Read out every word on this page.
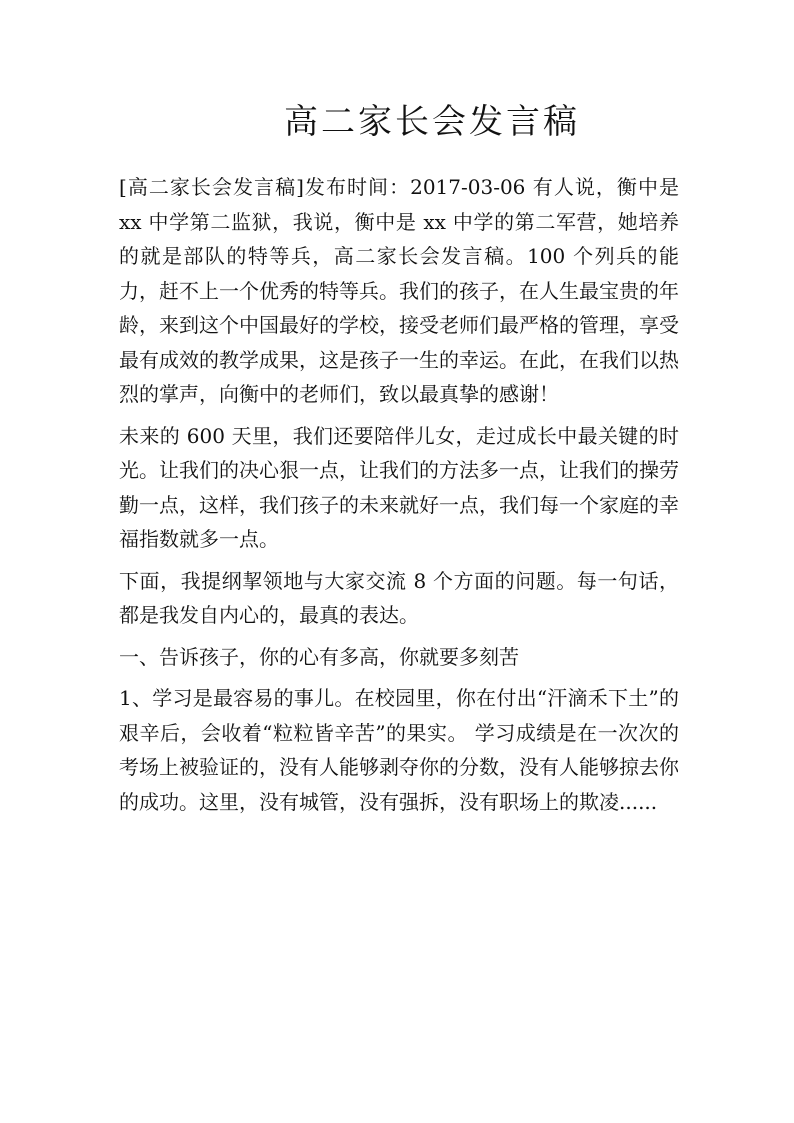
高二家长会发言稿

[高二家长会发言稿]发布时间：2017-03-06 有人说，衡中是 xx 中学第二监狱，我说，衡中是 xx 中学的第二军营，她培养的就是部队的特等兵，高二家长会发言稿。100 个列兵的能力，赶不上一个优秀的特等兵。我们的孩子，在人生最宝贵的年龄，来到这个中国最好的学校，接受老师们最严格的管理，享受最有成效的教学成果，这是孩子一生的幸运。在此，在我们以热烈的掌声，向衡中的老师们，致以最真挚的感谢！

未来的 600 天里，我们还要陪伴儿女，走过成长中最关键的时光。让我们的决心狠一点，让我们的方法多一点，让我们的操劳勤一点，这样，我们孩子的未来就好一点，我们每一个家庭的幸福指数就多一点。

下面，我提纲挈领地与大家交流 8 个方面的问题。每一句话，都是我发自内心的，最真的表达。

一、告诉孩子，你的心有多高，你就要多刻苦

1、学习是最容易的事儿。在校园里，你在付出“汗滴禾下土”的艰辛后，会收着“粒粒皆辛苦”的果实。 学习成绩是在一次次的考场上被验证的，没有人能够剥夺你的分数，没有人能够掠去你的成功。这里，没有城管，没有强拆，没有职场上的欺凌......
